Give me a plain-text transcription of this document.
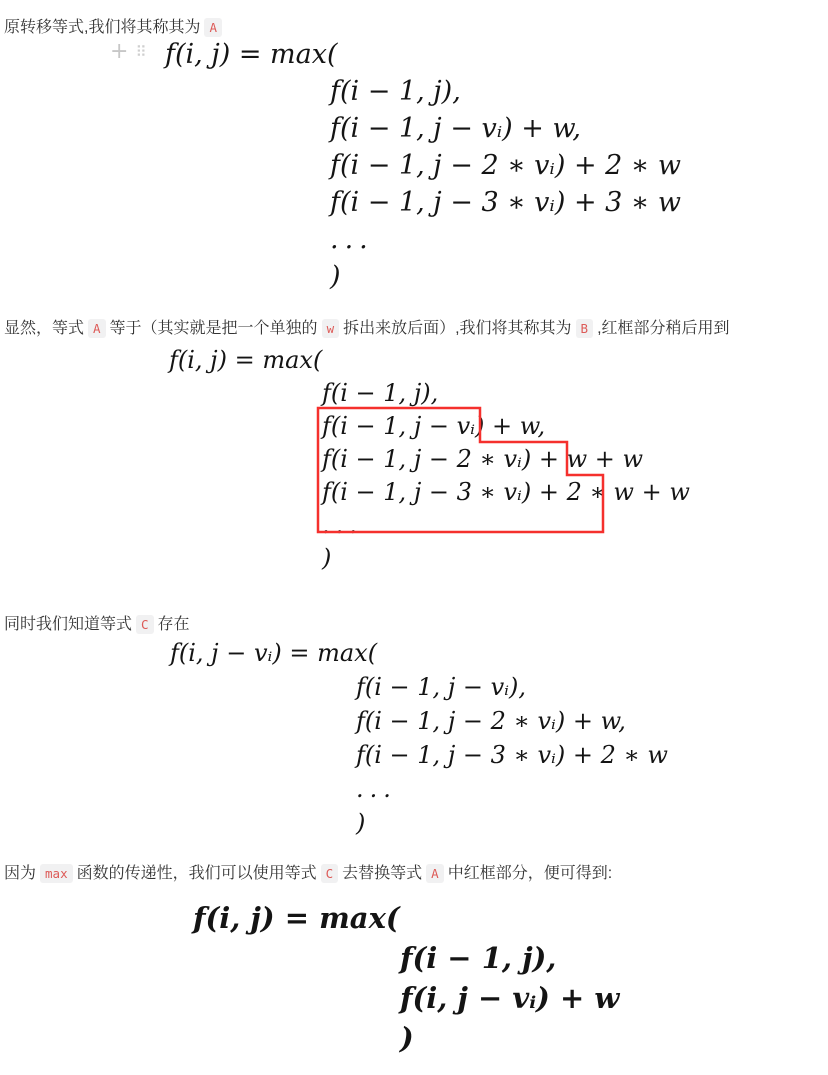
原转移等式,我们将其称其为 A

+ ⠿ f(i, j) = max(
f(i − 1, j),
f(i − 1, j − vᵢ) + w,
f(i − 1, j − 2 ∗ vᵢ) + 2 ∗ w
f(i − 1, j − 3 ∗ vᵢ) + 3 ∗ w
...
)

显然，等式 A 等于（其实就是把一个单独的 w 拆出来放后面）,我们将其称其为 B ,红框部分稍后用到

f(i, j) = max(
f(i − 1, j),
f(i − 1, j − vᵢ) + w,
f(i − 1, j − 2 ∗ vᵢ) + w + w
f(i − 1, j − 3 ∗ vᵢ) + 2 ∗ w + w
...
)

同时我们知道等式 C 存在

f(i, j − vᵢ) = max(
f(i − 1, j − vᵢ),
f(i − 1, j − 2 ∗ vᵢ) + w,
f(i − 1, j − 3 ∗ vᵢ) + 2 ∗ w
...
)

因为 max 函数的传递性，我们可以使用等式 C 去替换等式 A 中红框部分，便可得到:

f(i, j) = max(
f(i − 1, j),
f(i, j − vᵢ) + w
)
